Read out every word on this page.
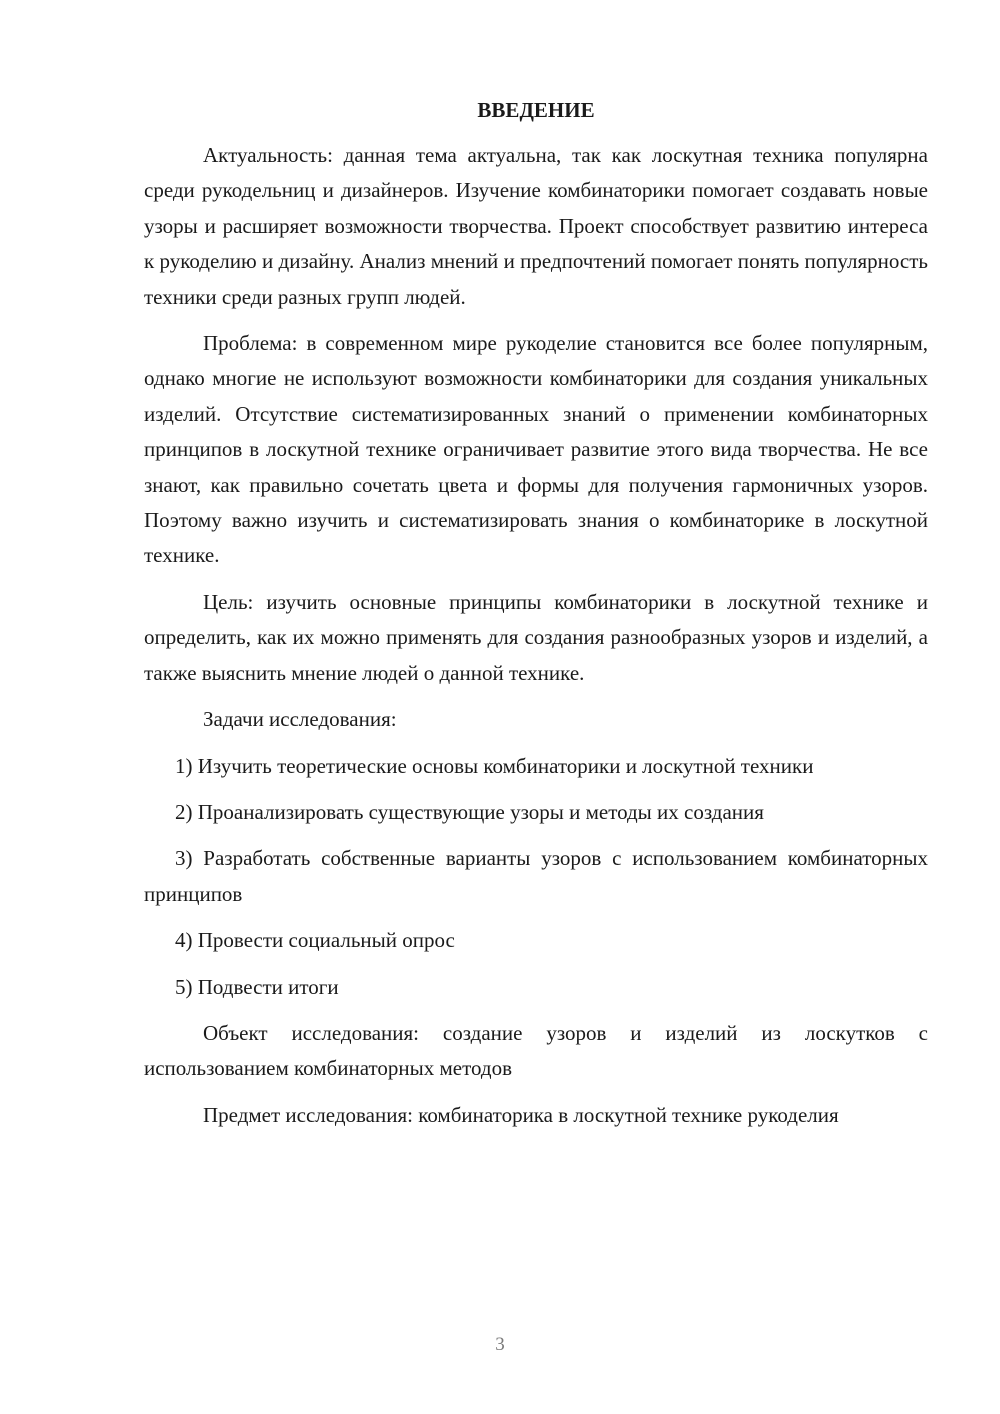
ВВЕДЕНИЕ

Актуальность: данная тема актуальна, так как лоскутная техника популярна среди рукодельниц и дизайнеров. Изучение комбинаторики помогает создавать новые узоры и расширяет возможности творчества. Проект способствует развитию интереса к рукоделию и дизайну. Анализ мнений и предпочтений помогает понять популярность техники среди разных групп людей.

Проблема: в современном мире рукоделие становится все более популярным, однако многие не используют возможности комбинаторики для создания уникальных изделий. Отсутствие систематизированных знаний о применении комбинаторных принципов в лоскутной технике ограничивает развитие этого вида творчества. Не все знают, как правильно сочетать цвета и формы для получения гармоничных узоров. Поэтому важно изучить и систематизировать знания о комбинаторике в лоскутной технике.

Цель: изучить основные принципы комбинаторики в лоскутной технике и определить, как их можно применять для создания разнообразных узоров и изделий, а также выяснить мнение людей о данной технике.

Задачи исследования:

1) Изучить теоретические основы комбинаторики и лоскутной техники

2) Проанализировать существующие узоры и методы их создания

3) Разработать собственные варианты узоров с использованием комбинаторных принципов

4) Провести социальный опрос

5) Подвести итоги

Объект исследования: создание узоров и изделий из лоскутков с использованием комбинаторных методов

Предмет исследования: комбинаторика в лоскутной технике рукоделия

3
